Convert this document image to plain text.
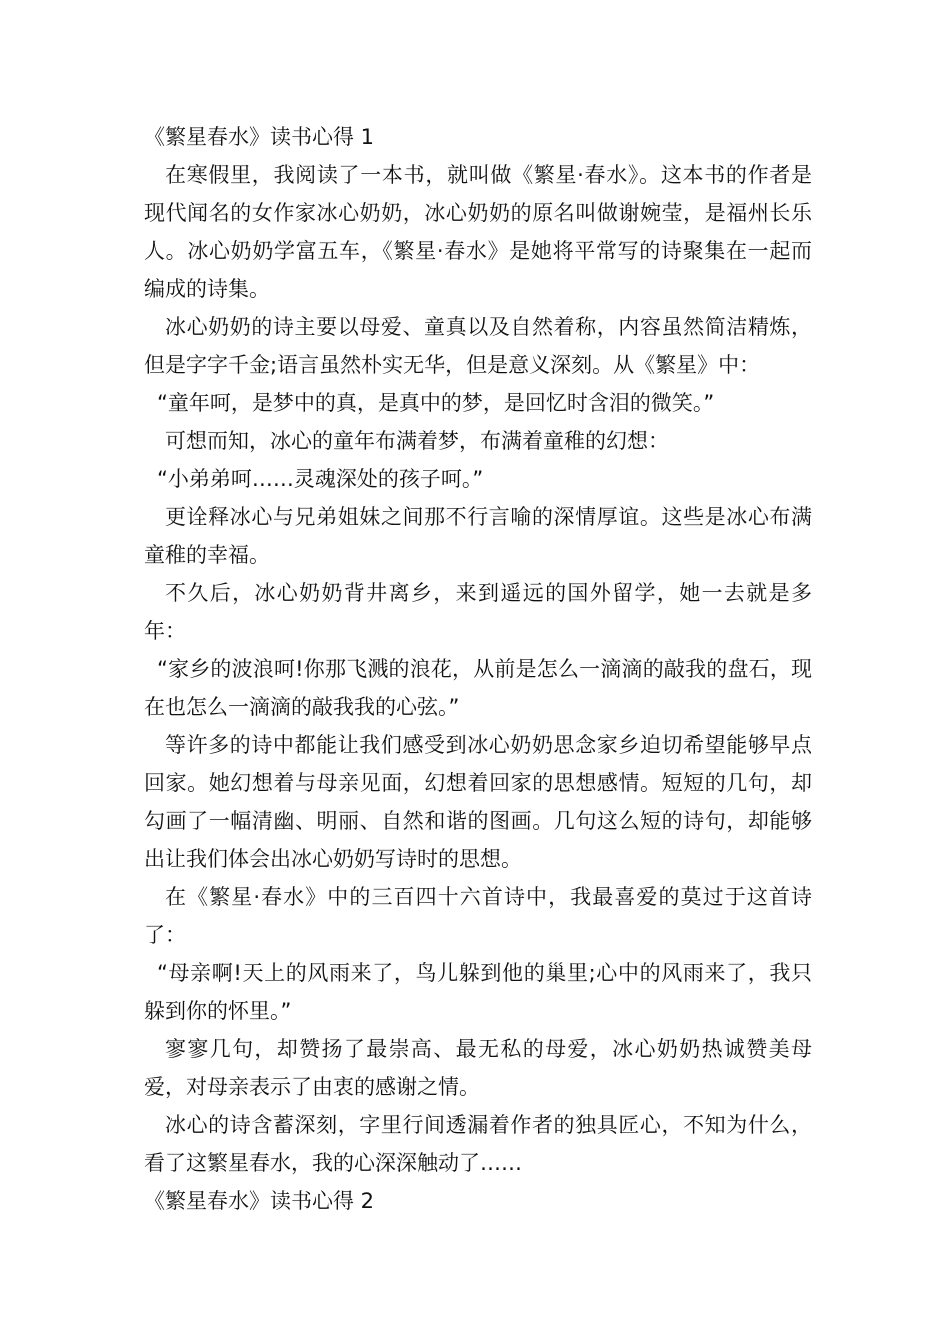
《繁星春水》读书心得 1

在寒假里，我阅读了一本书，就叫做《繁星·春水》。这本书的作者是现代闻名的女作家冰心奶奶，冰心奶奶的原名叫做谢婉莹，是福州长乐人。冰心奶奶学富五车，《繁星·春水》是她将平常写的诗聚集在一起而编成的诗集。

冰心奶奶的诗主要以母爱、童真以及自然着称，内容虽然简洁精炼，但是字字千金;语言虽然朴实无华，但是意义深刻。从《繁星》中：

“童年呵，是梦中的真，是真中的梦，是回忆时含泪的微笑。”

可想而知，冰心的童年布满着梦，布满着童稚的幻想：

“小弟弟呵……灵魂深处的孩子呵。”

更诠释冰心与兄弟姐妹之间那不行言喻的深情厚谊。这些是冰心布满童稚的幸福。

不久后，冰心奶奶背井离乡，来到遥远的国外留学，她一去就是多年：

“家乡的波浪呵!你那飞溅的浪花，从前是怎么一滴滴的敲我的盘石，现在也怎么一滴滴的敲我我的心弦。”

等许多的诗中都能让我们感受到冰心奶奶思念家乡迫切希望能够早点回家。她幻想着与母亲见面，幻想着回家的思想感情。短短的几句，却勾画了一幅清幽、明丽、自然和谐的图画。几句这么短的诗句，却能够出让我们体会出冰心奶奶写诗时的思想。

在《繁星·春水》中的三百四十六首诗中，我最喜爱的莫过于这首诗了：

“母亲啊!天上的风雨来了，鸟儿躲到他的巢里;心中的风雨来了，我只躲到你的怀里。”

寥寥几句，却赞扬了最崇高、最无私的母爱，冰心奶奶热诚赞美母爱，对母亲表示了由衷的感谢之情。

冰心的诗含蓄深刻，字里行间透漏着作者的独具匠心，不知为什么，看了这繁星春水，我的心深深触动了……

《繁星春水》读书心得 2
